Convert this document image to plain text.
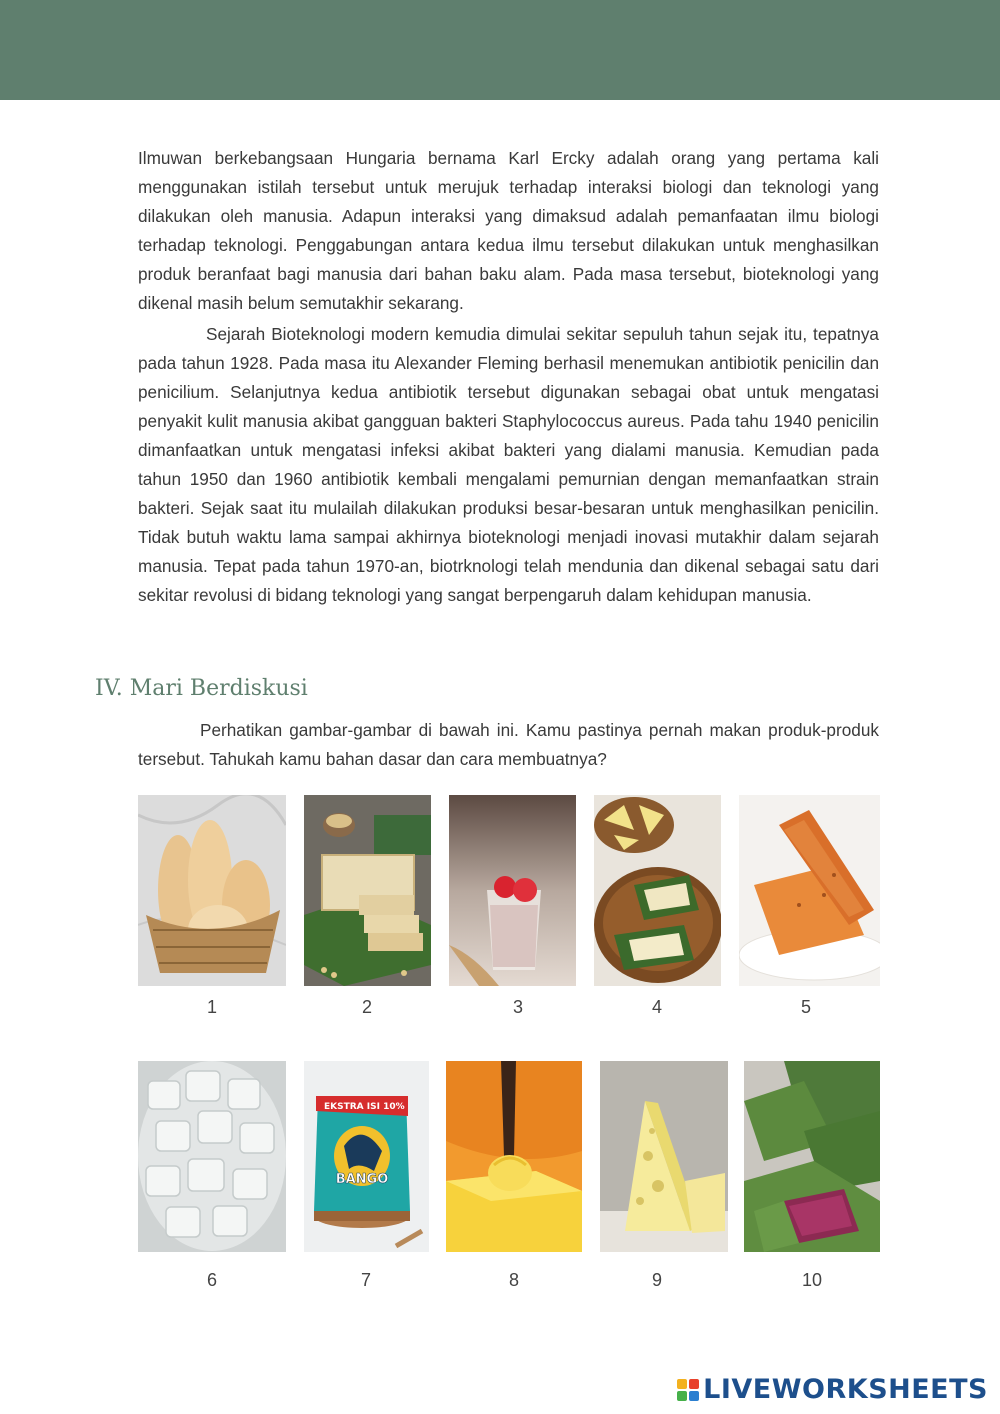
Ilmuwan berkebangsaan Hungaria bernama Karl Ercky adalah orang yang pertama kali menggunakan istilah tersebut untuk merujuk terhadap interaksi biologi dan teknologi yang dilakukan oleh manusia. Adapun interaksi yang dimaksud adalah pemanfaatan ilmu biologi terhadap teknologi. Penggabungan antara kedua ilmu tersebut dilakukan untuk menghasilkan produk beranfaat bagi manusia dari bahan baku alam. Pada masa tersebut, bioteknologi yang dikenal masih belum semutakhir sekarang.

Sejarah Bioteknologi modern kemudia dimulai sekitar sepuluh tahun sejak itu, tepatnya pada tahun 1928. Pada masa itu Alexander Fleming berhasil menemukan antibiotik penicilin dan penicilium. Selanjutnya kedua antibiotik tersebut digunakan sebagai obat untuk mengatasi penyakit kulit manusia akibat gangguan bakteri Staphylococcus aureus. Pada tahu 1940 penicilin dimanfaatkan untuk mengatasi infeksi akibat bakteri yang dialami manusia. Kemudian pada tahun 1950 dan 1960 antibiotik kembali mengalami pemurnian dengan memanfaatkan strain bakteri. Sejak saat itu mulailah dilakukan produksi besar-besaran untuk menghasilkan penicilin. Tidak butuh waktu lama sampai akhirnya bioteknologi menjadi inovasi mutakhir dalam sejarah manusia. Tepat pada tahun 1970-an, biotrknologi telah mendunia dan dikenal sebagai satu dari sekitar revolusi di bidang teknologi yang sangat berpengaruh dalam kehidupan manusia.

IV. Mari Berdiskusi

Perhatikan gambar-gambar di bawah ini. Kamu pastinya pernah makan produk-produk tersebut. Tahukah kamu bahan dasar dan cara membuatnya?

1	2	3	4	5
EKSTRA ISI 10%
BANGO
6	7	8	9	10
LIVEWORKSHEETS
